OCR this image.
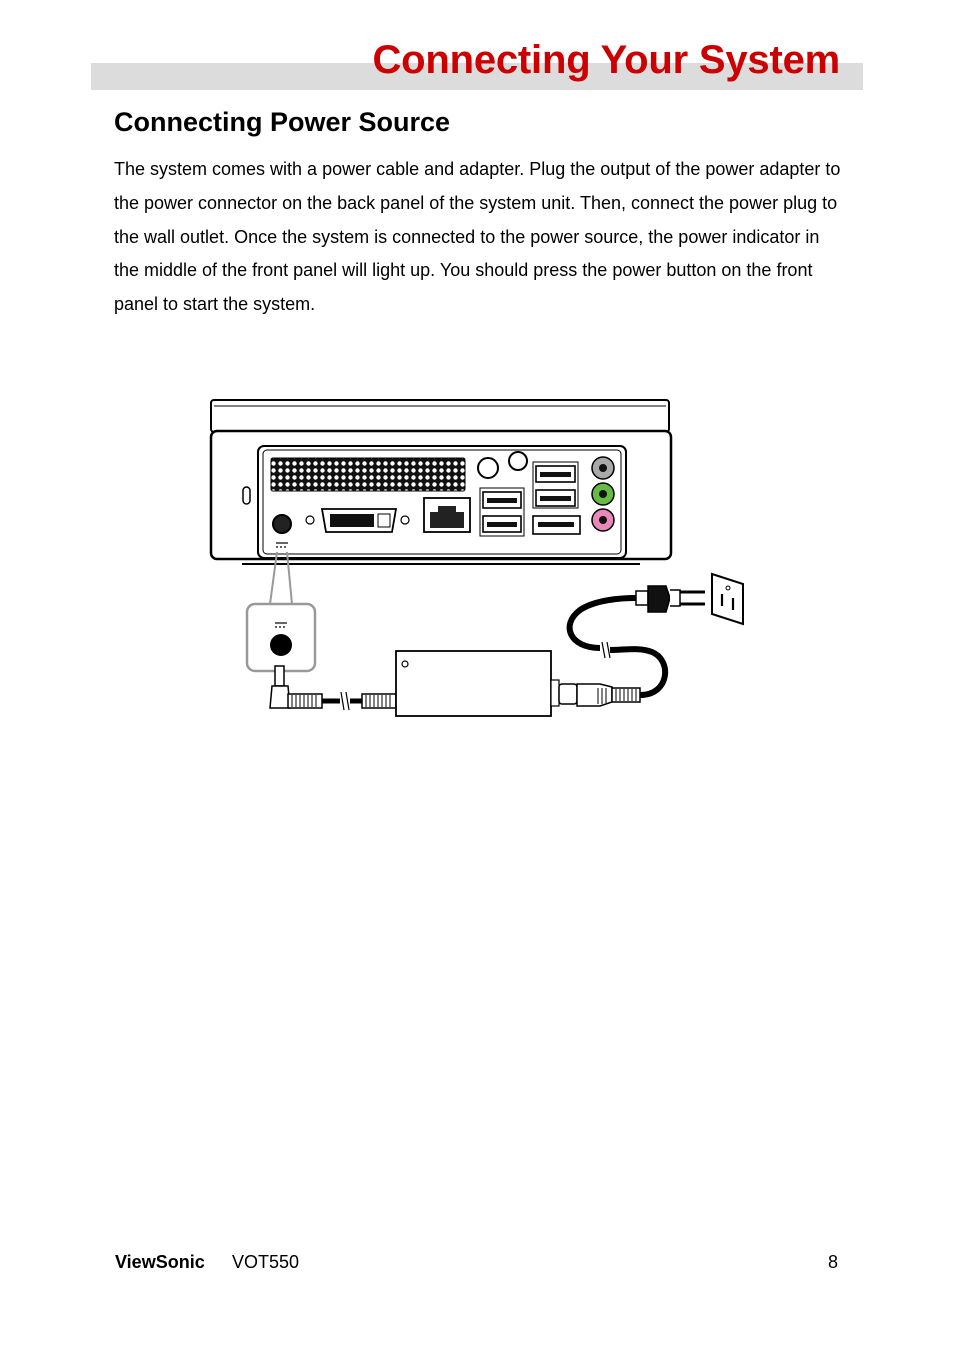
Connecting Your System
Connecting Power Source
The system comes with a power cable and adapter. Plug the output of the power adapter to the power connector on the back panel of the system unit. Then, connect the power plug to the wall outlet. Once the system is connected to the power source, the power indicator in the middle of the front panel will light up. You should press the power button on the front panel to start the system.
ViewSonic VOT550	8
